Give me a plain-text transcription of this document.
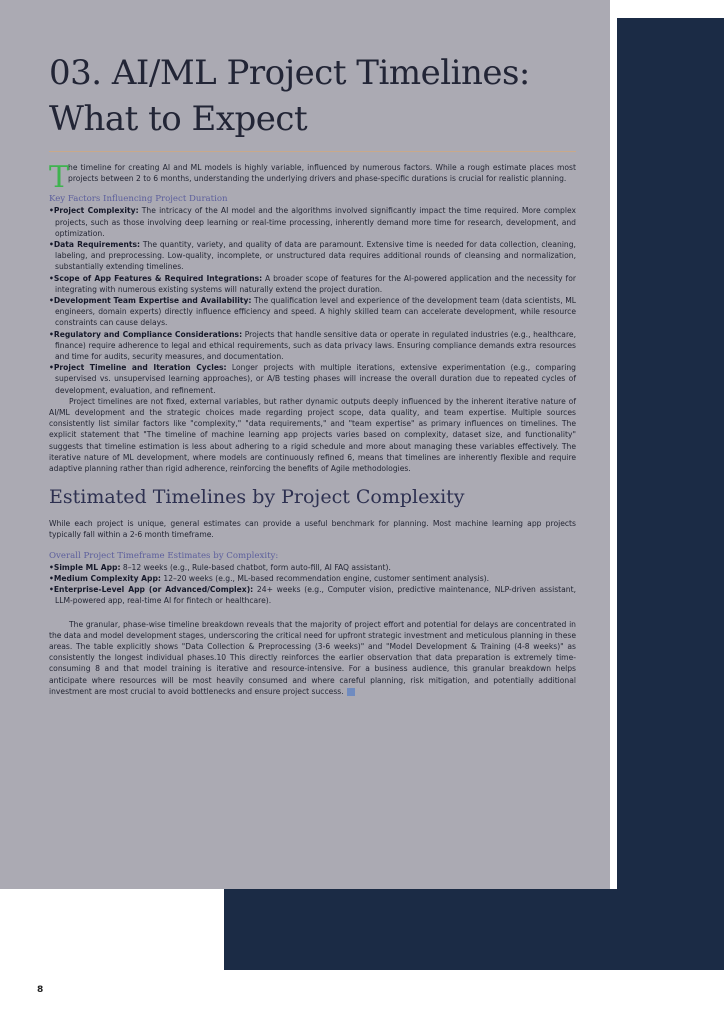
03. AI/ML Project Timelines:
What to Expect
T
he timeline for creating AI and ML models is highly variable, influenced by numerous factors. While a rough estimate places most projects between 2 to 6 months, understanding the underlying drivers and phase-specific durations is crucial for realistic planning.
Key Factors Influencing Project Duration

•Project Complexity: The intricacy of the AI model and the algorithms involved significantly impact the time required. More complex projects, such as those involving deep learning or real-time processing, inherently demand more time for research, development, and optimization.

•Data Requirements: The quantity, variety, and quality of data are paramount. Extensive time is needed for data collection, cleaning, labeling, and preprocessing. Low-quality, incomplete, or unstructured data requires additional rounds of cleansing and normalization, substantially extending timelines.

•Scope of App Features & Required Integrations: A broader scope of features for the AI-powered application and the necessity for integrating with numerous existing systems will naturally extend the project duration.

•Development Team Expertise and Availability: The qualification level and experience of the development team (data scientists, ML engineers, domain experts) directly influence efficiency and speed. A highly skilled team can accelerate development, while resource constraints can cause delays.

•Regulatory and Compliance Considerations: Projects that handle sensitive data or operate in regulated industries (e.g., healthcare, finance) require adherence to legal and ethical requirements, such as data privacy laws. Ensuring compliance demands extra resources and time for audits, security measures, and documentation.

•Project Timeline and Iteration Cycles: Longer projects with multiple iterations, extensive experimentation (e.g., comparing supervised vs. unsupervised learning approaches), or A/B testing phases will increase the overall duration due to repeated cycles of development, evaluation, and refinement.

Project timelines are not fixed, external variables, but rather dynamic outputs deeply influenced by the inherent iterative nature of AI/ML development and the strategic choices made regarding project scope, data quality, and team expertise. Multiple sources consistently list similar factors like "complexity," "data requirements," and "team expertise" as primary influences on timelines. The explicit statement that "The timeline of machine learning app projects varies based on complexity, dataset size, and functionality" suggests that timeline estimation is less about adhering to a rigid schedule and more about managing these variables effectively. The iterative nature of ML development, where models are continuously refined 6, means that timelines are inherently flexible and require adaptive planning rather than rigid adherence, reinforcing the benefits of Agile methodologies.

Estimated Timelines by Project Complexity

While each project is unique, general estimates can provide a useful benchmark for planning. Most machine learning app projects typically fall within a 2-6 month timeframe.

Overall Project Timeframe Estimates by Complexity:

•Simple ML App: 8–12 weeks (e.g., Rule-based chatbot, form auto-fill, AI FAQ assistant).

•Medium Complexity App: 12–20 weeks (e.g., ML-based recommendation engine, customer sentiment analysis).

•Enterprise-Level App (or Advanced/Complex): 24+ weeks (e.g., Computer vision, predictive maintenance, NLP-driven assistant, LLM-powered app, real-time AI for fintech or healthcare).

The granular, phase-wise timeline breakdown reveals that the majority of project effort and potential for delays are concentrated in the data and model development stages, underscoring the critical need for upfront strategic investment and meticulous planning in these areas. The table explicitly shows "Data Collection & Preprocessing (3-6 weeks)" and "Model Development & Training (4-8 weeks)" as consistently the longest individual phases.10 This directly reinforces the earlier observation that data preparation is extremely time-consuming 8 and that model training is iterative and resource-intensive. For a business audience, this granular breakdown helps anticipate where resources will be most heavily consumed and where careful planning, risk mitigation, and potentially additional investment are most crucial to avoid bottlenecks and ensure project success.

8
